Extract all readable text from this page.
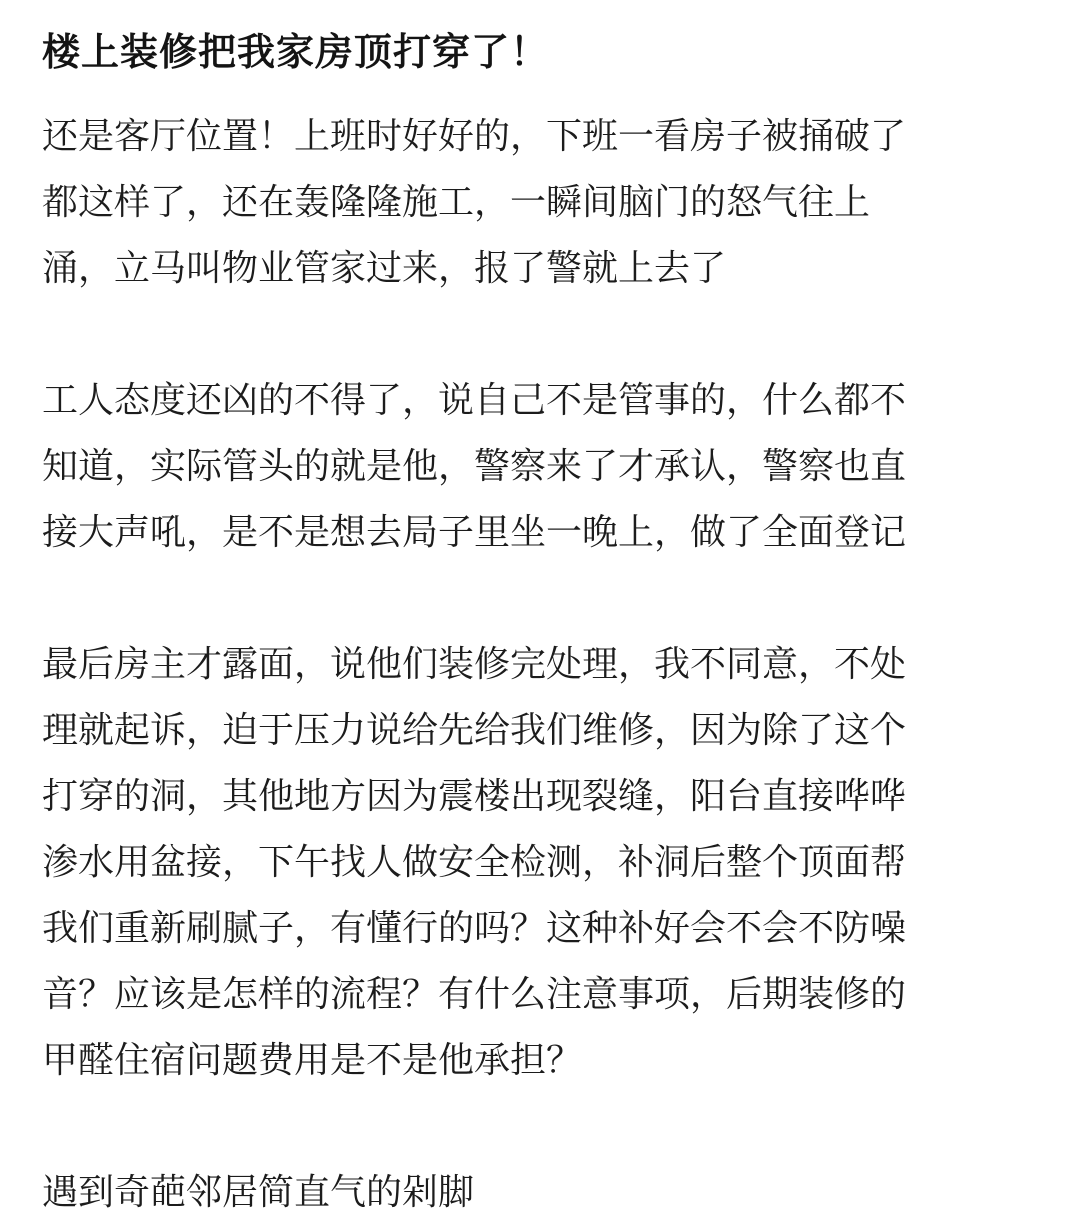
楼上装修把我家房顶打穿了！

还是客厅位置！上班时好好的，下班一看房子被捅破了
都这样了，还在轰隆隆施工，一瞬间脑门的怒气往上
涌，立马叫物业管家过来，报了警就上去了

工人态度还凶的不得了，说自己不是管事的，什么都不
知道，实际管头的就是他，警察来了才承认，警察也直
接大声吼，是不是想去局子里坐一晚上，做了全面登记

最后房主才露面，说他们装修完处理，我不同意，不处
理就起诉，迫于压力说给先给我们维修，因为除了这个
打穿的洞，其他地方因为震楼出现裂缝，阳台直接哗哗
渗水用盆接，下午找人做安全检测，补洞后整个顶面帮
我们重新刷腻子，有懂行的吗？这种补好会不会不防噪
音？应该是怎样的流程？有什么注意事项，后期装修的
甲醛住宿问题费用是不是他承担？

遇到奇葩邻居简直气的剁脚
